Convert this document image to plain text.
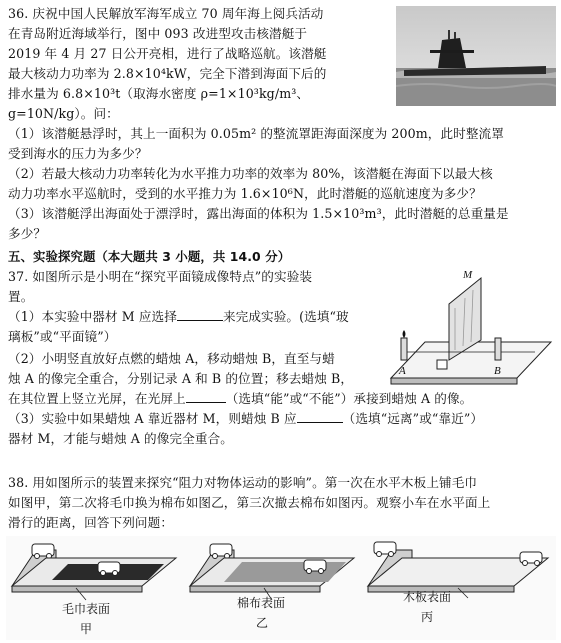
36. 庆祝中国人民解放军海军成立 70 周年海上阅兵活动
在青岛附近海域举行，图中 093 改进型攻击核潜艇于
2019 年 4 月 27 日公开亮相，进行了战略巡航。该潜艇
最大核动力功率为 2.8×10⁴kW，完全下潜到海面下后的
排水量为 6.8×10³t（取海水密度 ρ=1×10³kg/m³、
g=10N/kg）。问：
（1）该潜艇悬浮时，其上一面积为 0.05m² 的整流罩距海面深度为 200m，此时整流罩
受到海水的压力为多少？
（2）若最大核动力功率转化为水平推力功率的效率为 80%，该潜艇在海面下以最大核
动力功率水平巡航时，受到的水平推力为 1.6×10⁶N，此时潜艇的巡航速度为多少？
（3）该潜艇浮出海面处于漂浮时，露出海面的体积为 1.5×10³m³，此时潜艇的总重量是
多少？
五、实验探究题（本大题共 3 小题，共 14.0 分）
37. 如图所示是小明在“探究平面镜成像特点”的实验装
置。
（1）本实验中器材 M 应选择	来完成实验。(选填“玻
璃板”或“平面镜”）
（2）小明竖直放好点燃的蜡烛 A，移动蜡烛 B，直至与蜡
烛 A 的像完全重合，分别记录 A 和 B 的位置；移去蜡烛 B，
在其位置上竖立光屏，在光屏上	（选填“能”或“不能”）承接到蜡烛 A 的像。
（3）实验中如果蜡烛 A 靠近器材 M，则蜡烛 B 应	（选填“远离”或“靠近”）
器材 M，才能与蜡烛 A 的像完全重合。
M
A	B
38. 用如图所示的装置来探究“阻力对物体运动的影响”。第一次在水平木板上铺毛巾
如图甲，第二次将毛巾换为棉布如图乙，第三次撤去棉布如图丙。观察小车在水平面上
滑行的距离，回答下列问题：
毛巾表面
甲
棉布表面
乙
木板表面
丙
